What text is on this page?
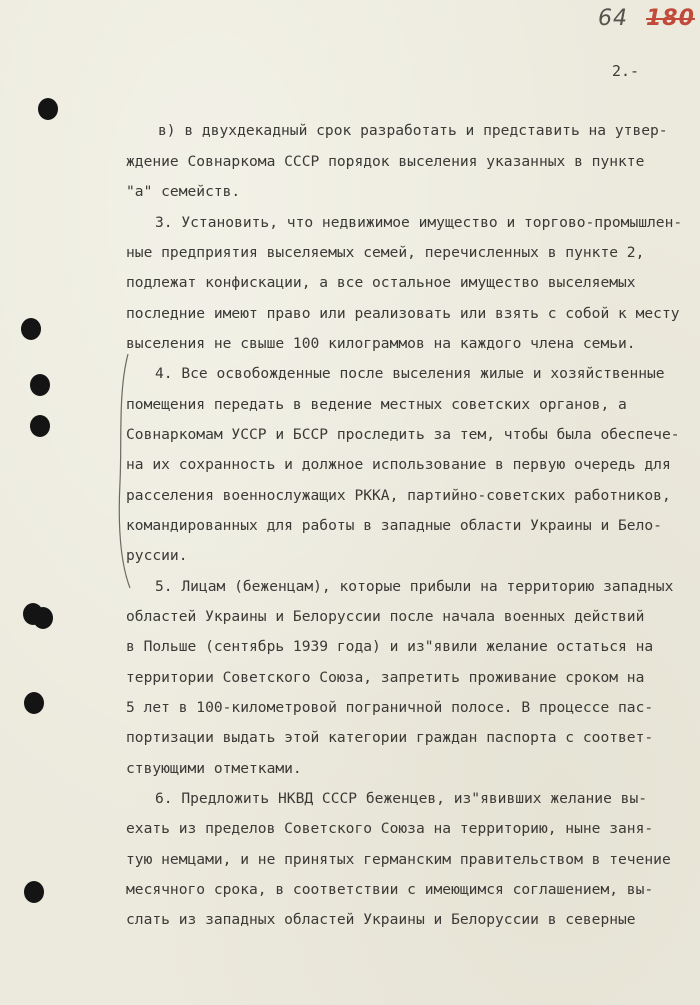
64 180
2.-
в) в двухдекадный срок разработать и представить на утвер-
ждение Совнаркома СССР порядок выселения указанных в пункте
"а" семейств.
3. Установить, что недвижимое имущество и торгово-промышлен-
ные предприятия выселяемых семей, перечисленных в пункте 2,
подлежат конфискации, а все остальное имущество выселяемых
последние имеют право или реализовать или взять с собой к месту
выселения не свыше 100 килограммов на каждого члена семьи.
4. Все освобожденные после выселения жилые и хозяйственные
помещения передать в ведение местных советских органов, а
Совнаркомам УССР и БССР проследить за тем, чтобы была обеспече-
на их сохранность и должное использование в первую очередь для
расселения военнослужащих РККА, партийно-советских работников,
командированных для работы в западные области Украины и Бело-
руссии.
5. Лицам (беженцам), которые прибыли на территорию западных
областей Украины и Белоруссии после начала военных действий
в Польше (сентябрь 1939 года) и из"явили желание остаться на
территории Советского Союза, запретить проживание сроком на
5 лет в 100-километровой пограничной полосе. В процессе пас-
портизации выдать этой категории граждан паспорта с соответ-
ствующими отметками.
6. Предложить НКВД СССР беженцев, из"явивших желание вы-
ехать из пределов Советского Союза на территорию, ныне заня-
тую немцами, и не принятых германским правительством в течение
месячного срока, в соответствии с имеющимся соглашением, вы-
слать из западных областей Украины и Белоруссии в северные
